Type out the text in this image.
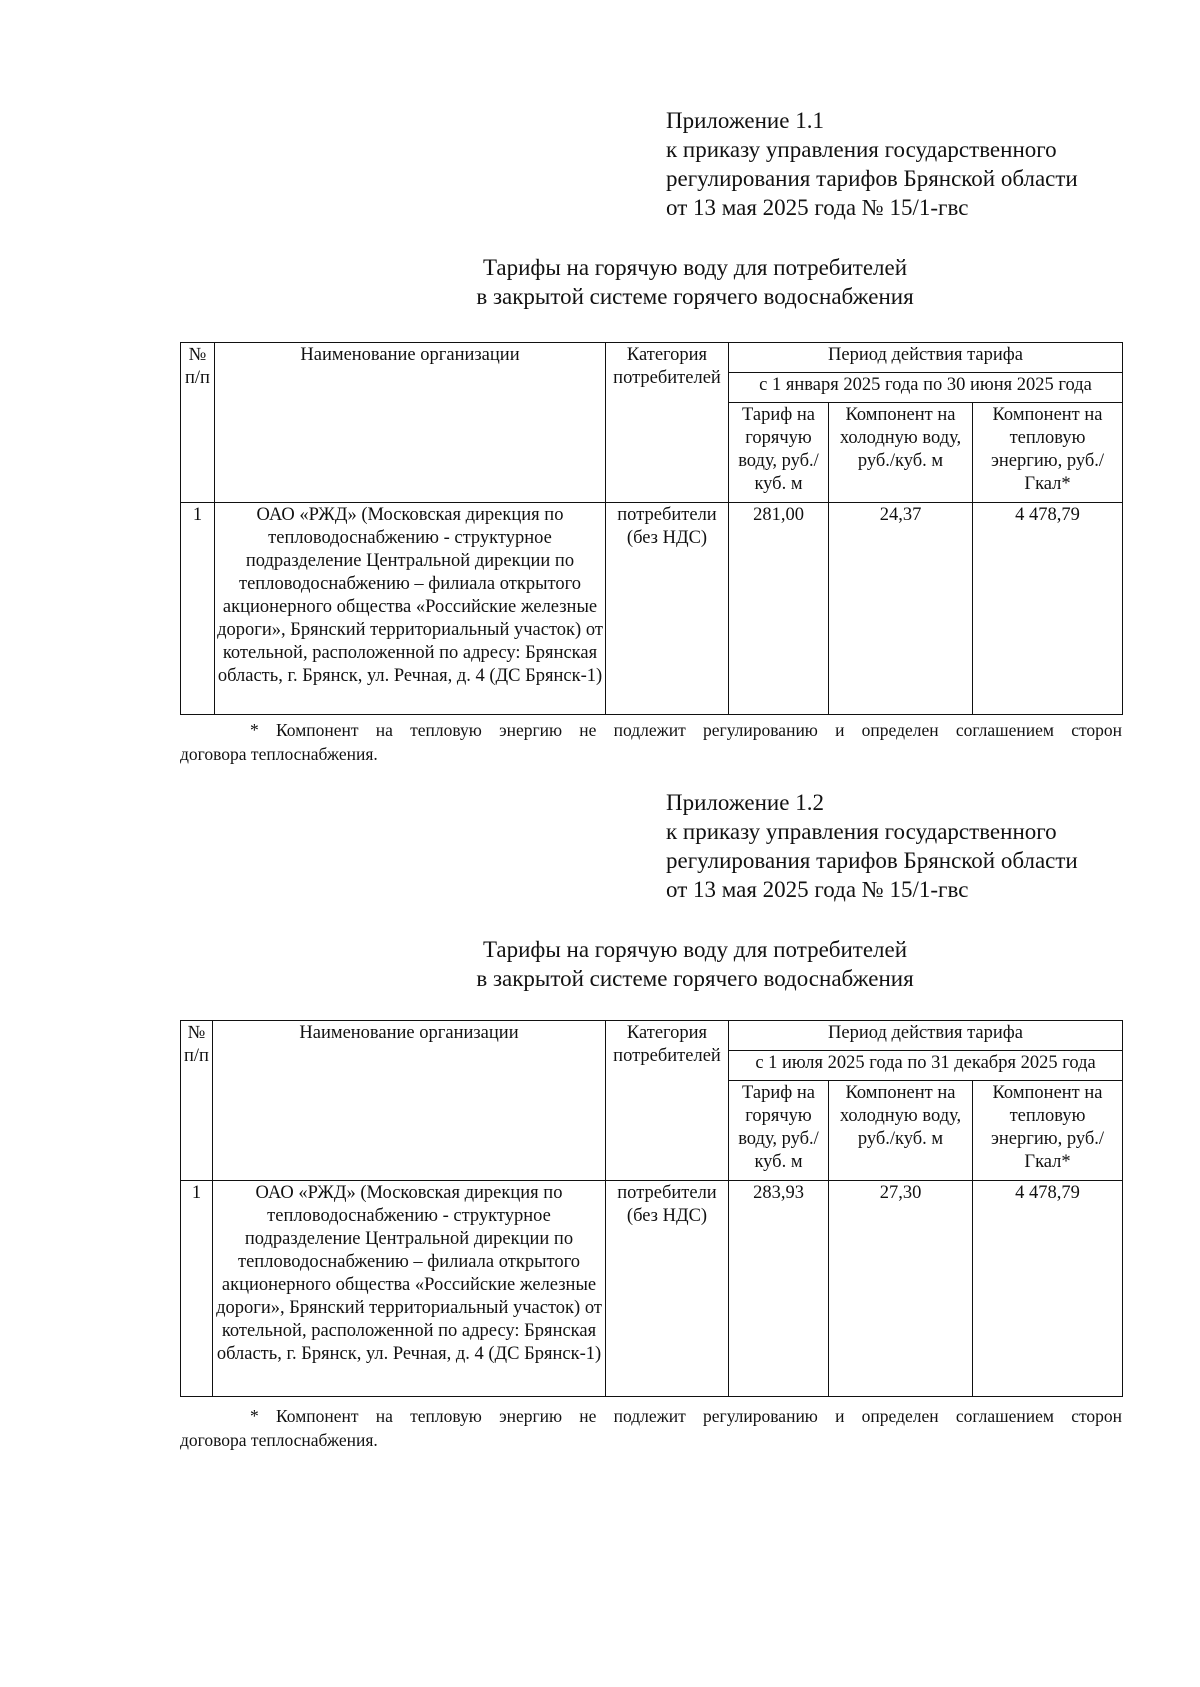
Приложение 1.1
к приказу управления государственного
регулирования тарифов Брянской области
от 13 мая 2025 года № 15/1-гвс
Тарифы на горячую воду для потребителей
в закрытой системе горячего водоснабжения
№ п/п	Наименование организации	Категория потребителей	Период действия тарифа		
			с 1 января 2025 года по 30 июня 2025 года		
			Тариф на горячую воду, руб./куб. м	Компонент на холодную воду, руб./куб. м	Компонент на тепловую энергию, руб./Гкал*
1	ОАО «РЖД» (Московская дирекция по тепловодоснабжению - структурное подразделение Центральной дирекции по тепловодоснабжению – филиала открытого акционерного общества «Российские железные дороги», Брянский территориальный участок) от котельной, расположенной по адресу: Брянская область, г. Брянск, ул. Речная, д. 4 (ДС Брянск-1)	потребители (без НДС)	281,00	24,37	4 478,79
* Компонент на тепловую энергию не подлежит регулированию и определен соглашением сторон
договора теплоснабжения.
Приложение 1.2
к приказу управления государственного
регулирования тарифов Брянской области
от 13 мая 2025 года № 15/1-гвс
Тарифы на горячую воду для потребителей
в закрытой системе горячего водоснабжения
№ п/п	Наименование организации	Категория потребителей	Период действия тарифа		
			с 1 июля 2025 года по 31 декабря 2025 года		
			Тариф на горячую воду, руб./куб. м	Компонент на холодную воду, руб./куб. м	Компонент на тепловую энергию, руб./Гкал*
1	ОАО «РЖД» (Московская дирекция по тепловодоснабжению - структурное подразделение Центральной дирекции по тепловодоснабжению – филиала открытого акционерного общества «Российские железные дороги», Брянский территориальный участок) от котельной, расположенной по адресу: Брянская область, г. Брянск, ул. Речная, д. 4 (ДС Брянск-1)	потребители (без НДС)	283,93	27,30	4 478,79
* Компонент на тепловую энергию не подлежит регулированию и определен соглашением сторон
договора теплоснабжения.
